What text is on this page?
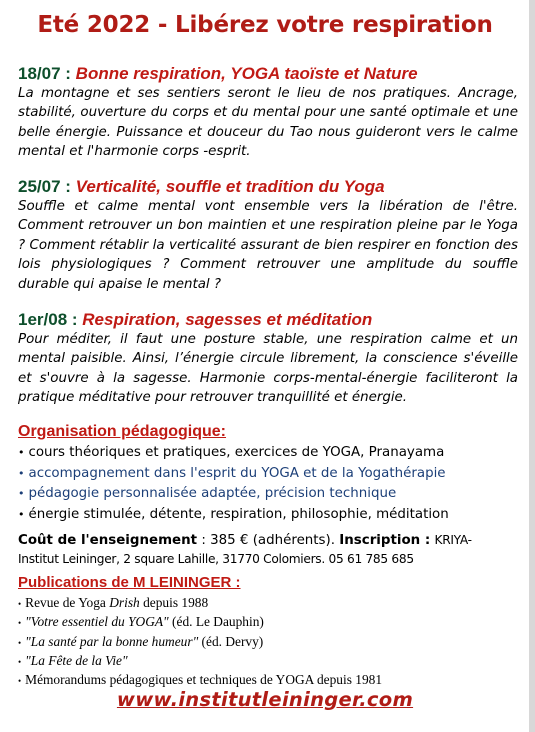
Eté 2022 - Libérez votre respiration
18/07 : Bonne respiration, YOGA taoïste et Nature
La montagne et ses sentiers seront le lieu de nos pratiques. Ancrage, stabilité, ouverture du corps et du mental pour une santé optimale et une belle énergie. Puissance et douceur du Tao nous guideront vers le calme mental et l'harmonie corps -esprit.
25/07 : Verticalité, souffle et tradition du Yoga
Souffle et calme mental vont ensemble vers la libération de l'être. Comment retrouver un bon maintien et une respiration pleine par le Yoga ? Comment rétablir la verticalité assurant de bien respirer en fonction des lois physiologiques ? Comment retrouver une amplitude du souffle durable qui apaise le mental ?
1er/08 : Respiration, sagesses et méditation
Pour méditer, il faut une posture stable, une respiration calme et un mental paisible. Ainsi, l’énergie circule librement, la conscience s'éveille et s'ouvre à la sagesse. Harmonie corps-mental-énergie faciliteront la pratique méditative pour retrouver tranquillité et énergie.
Organisation pédagogique:
• cours théoriques et pratiques, exercices de YOGA, Pranayama
• accompagnement dans l'esprit du YOGA et de la Yogathérapie
• pédagogie personnalisée adaptée, précision technique
• énergie stimulée, détente, respiration, philosophie, méditation
Coût de l'enseignement : 385 € (adhérents). Inscription : KRIYA-
Institut Leininger, 2 square Lahille, 31770 Colomiers. 05 61 785 685
Publications de M LEININGER :
• Revue de Yoga Drish depuis 1988
• "Votre essentiel du YOGA" (éd. Le Dauphin)
• "La santé par la bonne humeur" (éd. Dervy)
• "La Fête de la Vie"
• Mémorandums pédagogiques et techniques de YOGA depuis 1981
www.institutleininger.com
